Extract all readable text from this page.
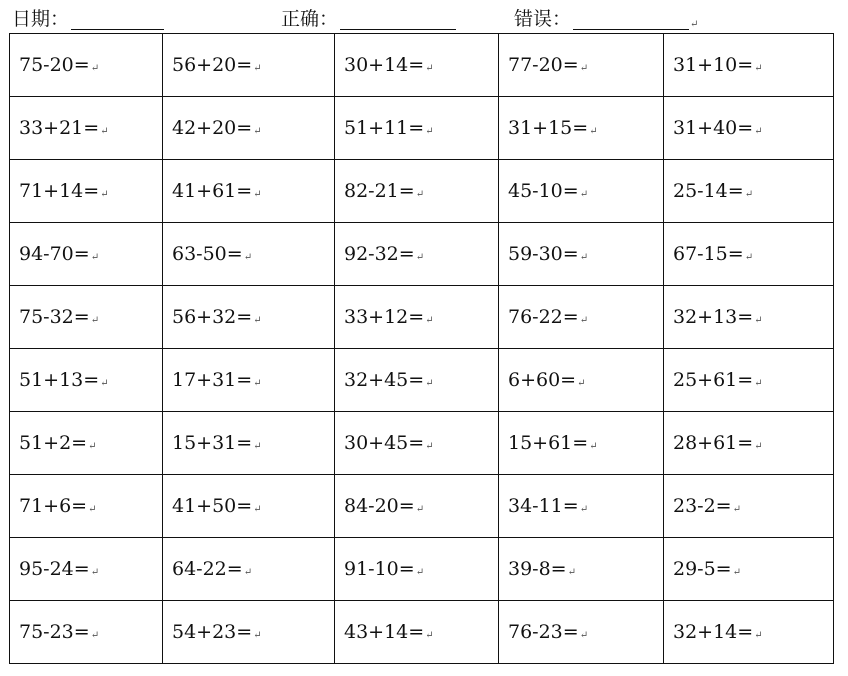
日期：	正确：	错误：	↵
75-20=↵	56+20=↵	30+14=↵	77-20=↵	31+10=↵
33+21=↵	42+20=↵	51+11=↵	31+15=↵	31+40=↵
71+14=↵	41+61=↵	82-21=↵	45-10=↵	25-14=↵
94-70=↵	63-50=↵	92-32=↵	59-30=↵	67-15=↵
75-32=↵	56+32=↵	33+12=↵	76-22=↵	32+13=↵
51+13=↵	17+31=↵	32+45=↵	6+60=↵	25+61=↵
51+2=↵	15+31=↵	30+45=↵	15+61=↵	28+61=↵
71+6=↵	41+50=↵	84-20=↵	34-11=↵	23-2=↵
95-24=↵	64-22=↵	91-10=↵	39-8=↵	29-5=↵
75-23=↵	54+23=↵	43+14=↵	76-23=↵	32+14=↵
